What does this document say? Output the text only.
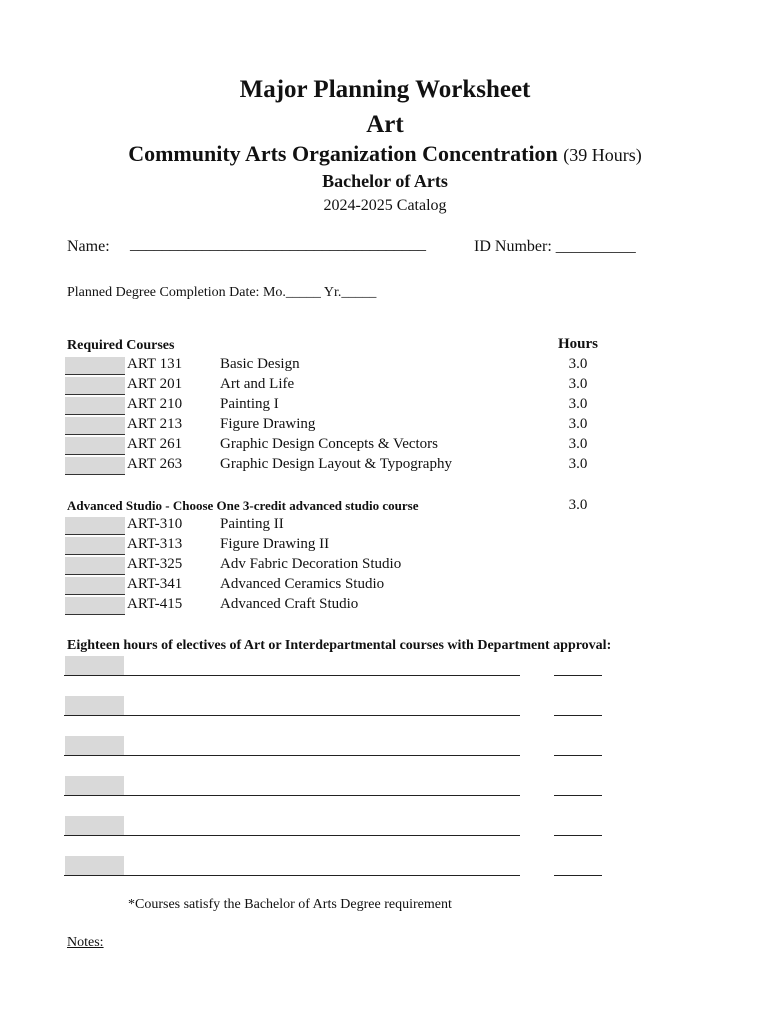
Major Planning Worksheet
Art
Community Arts Organization Concentration (39 Hours)
Bachelor of Arts
2024-2025 Catalog
Name: _____________________________________	ID Number: __________
Planned Degree Completion Date: Mo._____ Yr._____
Required Courses	Hours
ART 131	Basic Design	3.0
ART 201	Art and Life	3.0
ART 210	Painting I	3.0
ART 213	Figure Drawing	3.0
ART 261	Graphic Design Concepts & Vectors	3.0
ART 263	Graphic Design Layout & Typography	3.0
Advanced Studio - Choose One 3-credit advanced studio course	3.0
ART-310	Painting II
ART-313	Figure Drawing II
ART-325	Adv Fabric Decoration Studio
ART-341	Advanced Ceramics Studio
ART-415	Advanced Craft Studio
Eighteen hours of electives of Art or Interdepartmental courses with Department approval:
*Courses satisfy the Bachelor of Arts Degree requirement
Notes:
